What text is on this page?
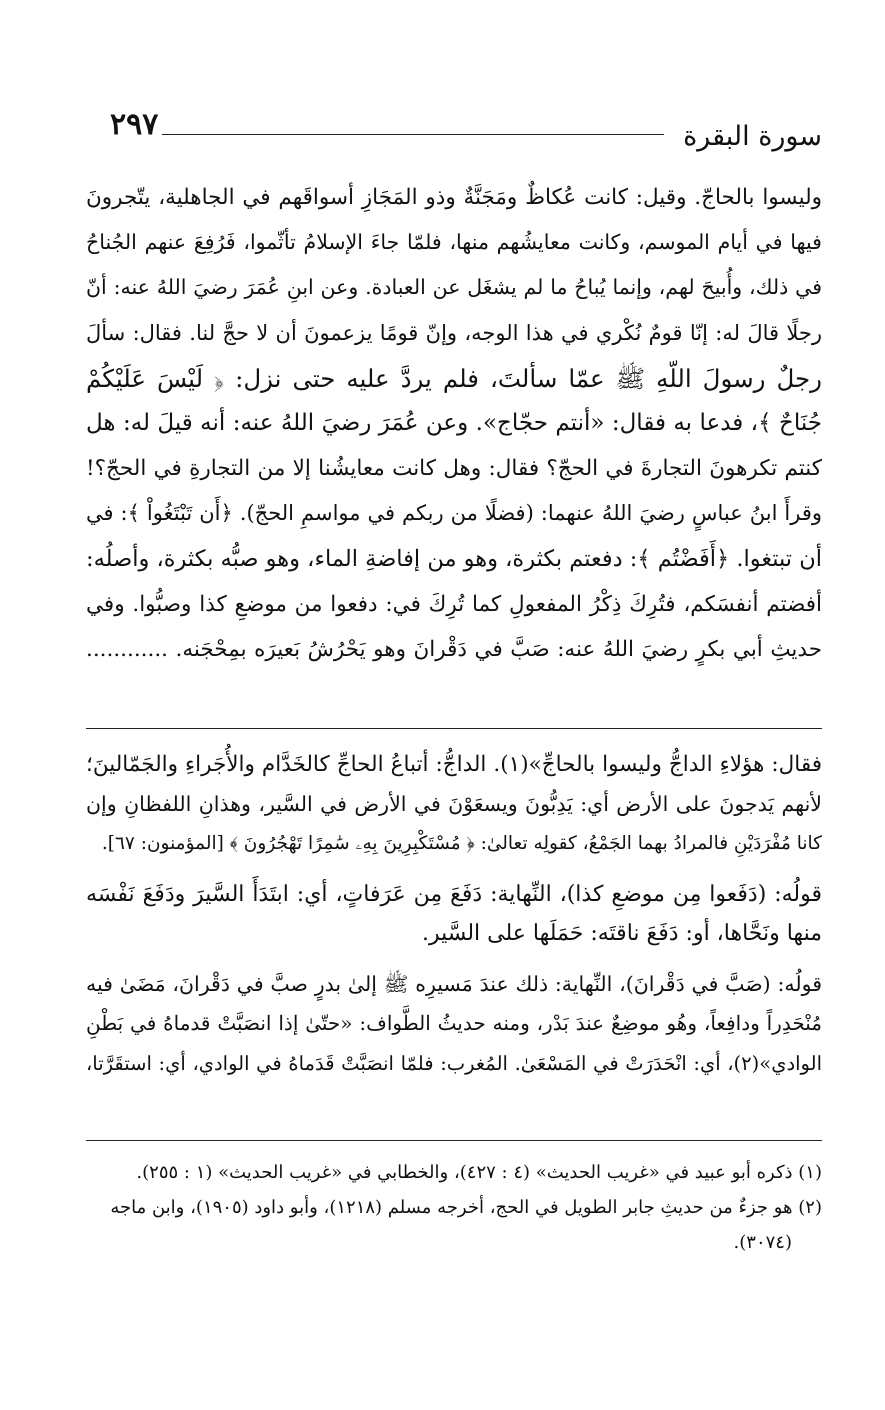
سورة البقرة
٢٩٧
وليسوا بالحاجّ. وقيل: كانت عُكاظٌ ومَجَنَّةٌ وذو المَجَازِ أسواقَهم في الجاهلية، يتّجرونَ
فيها في أيام الموسم، وكانت معايشُهم منها، فلمّا جاءَ الإسلامُ تأثّموا، فَرُفِعَ عنهم الجُناحُ
في ذلك، وأُبيحَ لهم، وإنما يُباحُ ما لم يشغَل عن العبادة. وعن ابنِ عُمَرَ رضيَ اللهُ عنه: أنّ
رجلًا قالَ له: إنّا قومٌ نُكْري في هذا الوجه، وإنّ قومًا يزعمونَ أن لا حجَّ لنا. فقال: سألَ
رجلٌ رسولَ اللّهِ ﷺ عمّا سألتَ، فلم يردَّ عليه حتى نزل: ﴿ لَيْسَ عَلَيْكُمْ
جُنَاحٌ ﴾، فدعا به فقال: «أنتم حجّاج». وعن عُمَرَ رضيَ اللهُ عنه: أنه قيلَ له: هل
كنتم تكرهونَ التجارةَ في الحجّ؟ فقال: وهل كانت معايشُنا إلا من التجارةِ في الحجّ؟!
وقرأَ ابنُ عباسٍ رضيَ اللهُ عنهما: (فضلًا من ربكم في مواسمِ الحجّ). ﴿أَن تَبْتَغُواْ ﴾: في
أن تبتغوا. ﴿أَفَضْتُم ﴾: دفعتم بكثرة، وهو من إفاضةِ الماء، وهو صبُّه بكثرة، وأصلُه:
أفضتم أنفسَكم، فتُرِكَ ذِكْرُ المفعولِ كما تُرِكَ في: دفعوا من موضعِ كذا وصبُّوا. وفي
حديثِ أبي بكرٍ رضيَ اللهُ عنه: صَبَّ في دَقْرانَ وهو يَحْرُشُ بَعيرَه بمِحْجَنه. ............
فقال: هؤلاءِ الداجُّ وليسوا بالحاجِّ»(١). الداجُّ: أتباعُ الحاجِّ كالخَدَّام والأُجَراءِ والجَمّالينَ؛
لأنهم يَدجونَ على الأرض أي: يَدِبُّونَ ويسعَوْنَ في الأرض في السَّير، وهذانِ اللفظانِ وإن
كانا مُفْرَدَيْنِ فالمرادُ بهما الجَمْعُ، كقولِه تعالىٰ: ﴿ مُسْتَكْبِرِينَ بِهِۦ سَٰمِرًا تَهْجُرُونَ ﴾ [المؤمنون: ٦٧].
قولُه: (دَفَعوا مِن موضعِ كذا)، النِّهاية: دَفَعَ مِن عَرَفاتٍ، أي: ابتَدَأَ السَّيرَ ودَفَعَ نَفْسَه
منها ونَحَّاها، أو: دَفَعَ ناقتَه: حَمَلَها على السَّير.
قولُه: (صَبَّ في دَقْرانَ)، النِّهاية: ذلك عندَ مَسيرِه ﷺ إلىٰ بدرٍ صبَّ في دَقْرانَ، مَضَىٰ فيه
مُنْحَدِراً ودافِعاً، وهُو موضِعٌ عندَ بَدْر، ومنه حديثُ الطَّواف: «حتّىٰ إذا انصَبَّتْ قدماهُ في بَطْنِ
الوادي»(٢)، أي: انْحَدَرَتْ في المَسْعَىٰ. المُغرب: فلمّا انصَبَّتْ قَدَماهُ في الوادي، أي: استقَرَّتا،
(١) ذكره أبو عبيد في «غريب الحديث» (٤ : ٤٢٧)، والخطابي في «غريب الحديث» (١ : ٢٥٥).
(٢) هو جزءٌ من حديثِ جابر الطويل في الحج، أخرجه مسلم (١٢١٨)، وأبو داود (١٩٠٥)، وابن ماجه
(٣٠٧٤).
